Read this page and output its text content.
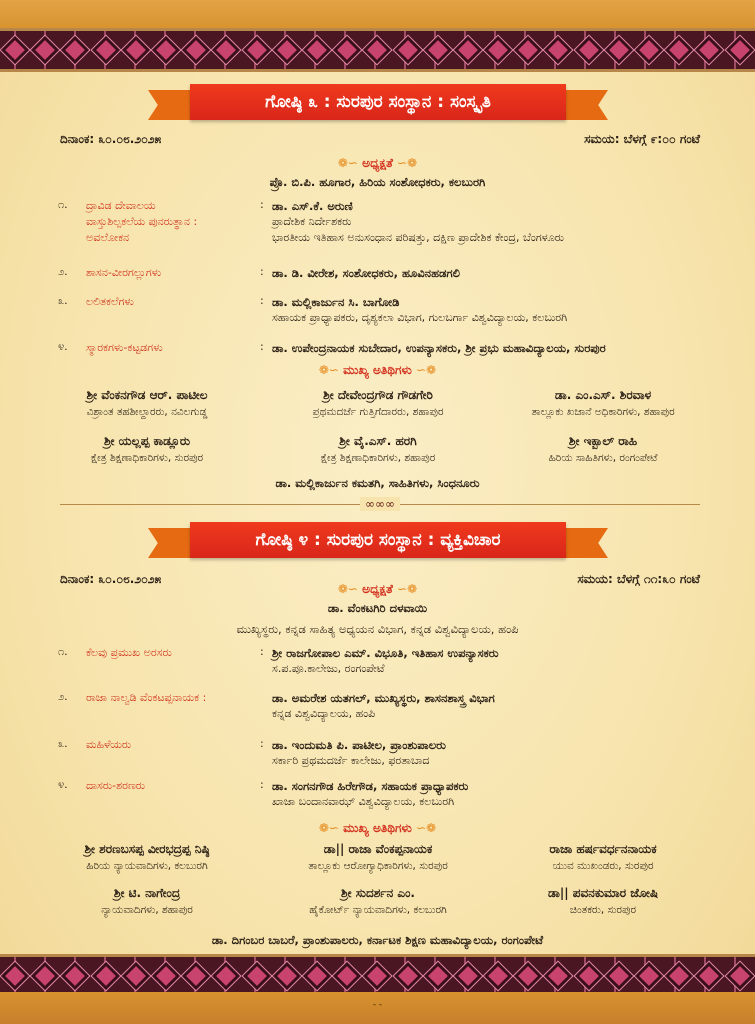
ಗೋಷ್ಠಿ ೩ : ಸುರಪುರ ಸಂಸ್ಥಾನ : ಸಂಸ್ಕೃತಿ
ದಿನಾಂಕ: ೩೦.೦೮.೨೦೨೫	ಸಮಯ: ಬೆಳಗ್ಗೆ ೯:೦೦ ಗಂಟೆ
❁∽ ಅಧ್ಯಕ್ಷತೆ ∽❁
ಪ್ರೊ. ಬಿ.ಪಿ. ಹೂಗಾರ, ಹಿರಿಯ ಸಂಶೋಧಕರು, ಕಲಬುರಗಿ
೧.	ದ್ರಾವಿಡ ದೇವಾಲಯ
ವಾಸ್ತುಶಿಲ್ಪಕಲೆಯ ಪುನರುತ್ಥಾನ :
ಅವಲೋಕನ
: ಡಾ. ಎಸ್.ಕೆ. ಅರುಣಿ
ಪ್ರಾದೇಶಿಕ ನಿರ್ದೇಶಕರು
ಭಾರತೀಯ ಇತಿಹಾಸ ಅನುಸಂಧಾನ ಪರಿಷತ್ತು, ದಕ್ಷಿಣ ಪ್ರಾದೇಶಿಕ ಕೇಂದ್ರ, ಬೆಂಗಳೂರು
೨.	ಶಾಸನ-ವೀರಗಲ್ಲುಗಳು	: ಡಾ. ಡಿ. ವೀರೇಶ, ಸಂಶೋಧಕರು, ಹೂವಿನಹಡಗಲಿ
೩.	ಲಲಿತಕಲೆಗಳು	: ಡಾ. ಮಲ್ಲಿಕಾರ್ಜುನ ಸಿ. ಬಾಗೋಡಿ
ಸಹಾಯಕ ಪ್ರಾಧ್ಯಾಪಕರು, ದೃಶ್ಯಕಲಾ ವಿಭಾಗ, ಗುಲಬರ್ಗಾ ವಿಶ್ವವಿದ್ಯಾಲಯ, ಕಲಬುರಗಿ
೪.	ಸ್ಮಾರಕಗಳು-ಕಟ್ಟಡಗಳು	: ಡಾ. ಉಪೇಂದ್ರನಾಯಕ ಸುಬೇದಾರ, ಉಪನ್ಯಾಸಕರು, ಶ್ರೀ ಪ್ರಭು ಮಹಾವಿದ್ಯಾಲಯ, ಸುರಪುರ
❁∽ ಮುಖ್ಯ ಅತಿಥಿಗಳು ∽❁
ಶ್ರೀ ವೆಂಕನಗೌಡ ಆರ್. ಪಾಟೀಲ
ವಿಶ್ರಾಂತ ತಹಶೀಲ್ದಾರರು, ನವಿಲಗುಡ್ಡ
ಶ್ರೀ ದೇವೇಂದ್ರಗೌಡ ಗೌಡಗೇರಿ
ಪ್ರಥಮದರ್ಜೆ ಗುತ್ತಿಗೆದಾರರು, ಶಹಾಪುರ
ಡಾ. ಎಂ.ಎಸ್. ಶಿರವಾಳ
ತಾಲ್ಲೂಕು ಖಜಾನೆ ಅಧಿಕಾರಿಗಳು, ಶಹಾಪುರ
ಶ್ರೀ ಯಲ್ಲಪ್ಪ ಕಾಡ್ಲೂರು
ಕ್ಷೇತ್ರ ಶಿಕ್ಷಣಾಧಿಕಾರಿಗಳು, ಸುರಪುರ
ಶ್ರೀ ವೈ.ಎಸ್. ಹರಗಿ
ಕ್ಷೇತ್ರ ಶಿಕ್ಷಣಾಧಿಕಾರಿಗಳು, ಶಹಾಪುರ
ಶ್ರೀ ಇಕ್ಬಾಲ್ ರಾಹಿ
ಹಿರಿಯ ಸಾಹಿತಿಗಳು, ರಂಗಂಪೇಟೆ
ಡಾ. ಮಲ್ಲಿಕಾರ್ಜುನ ಕಮತಗಿ, ಸಾಹಿತಿಗಳು, ಸಿಂಧನೂರು
∞∞∞
ಗೋಷ್ಠಿ ೪ : ಸುರಪುರ ಸಂಸ್ಥಾನ : ವ್ಯಕ್ತಿವಿಚಾರ
ದಿನಾಂಕ: ೩೦.೦೮.೨೦೨೫	ಸಮಯ: ಬೆಳಗ್ಗೆ ೧೧:೩೦ ಗಂಟೆ
❁∽ ಅಧ್ಯಕ್ಷತೆ ∽❁
ಡಾ. ವೆಂಕಟಗಿರಿ ದಳವಾಯಿ
ಮುಖ್ಯಸ್ಥರು, ಕನ್ನಡ ಸಾಹಿತ್ಯ ಅಧ್ಯಯನ ವಿಭಾಗ, ಕನ್ನಡ ವಿಶ್ವವಿದ್ಯಾಲಯ, ಹಂಪಿ
೧.	ಕೆಲವು ಪ್ರಮುಖ ಅರಸರು	: ಶ್ರೀ ರಾಜಗೋಪಾಲ ಎಮ್. ವಿಭೂತಿ, ಇತಿಹಾಸ ಉಪನ್ಯಾಸಕರು
ಸ.ಪ.ಪೂ.ಕಾಲೇಜು, ರಂಗಂಪೇಟೆ
೨.	ರಾಜಾ ನಾಲ್ವಡಿ ವೆಂಕಟಪ್ಪನಾಯಕ :	ಡಾ. ಅಮರೇಶ ಯತಗಲ್, ಮುಖ್ಯಸ್ಥರು, ಶಾಸನಶಾಸ್ತ್ರ ವಿಭಾಗ
ಕನ್ನಡ ವಿಶ್ವವಿದ್ಯಾಲಯ, ಹಂಪಿ
೩.	ಮಹಿಳೆಯರು	: ಡಾ. ಇಂದುಮತಿ ಪಿ. ಪಾಟೀಲ, ಪ್ರಾಂಶುಪಾಲರು
ಸರ್ಕಾರಿ ಪ್ರಥಮದರ್ಜೆ ಕಾಲೇಜು, ಫರತಾಬಾದ
೪.	ದಾಸರು-ಶರಣರು	: ಡಾ. ಸಂಗನಗೌಡ ಹಿರೇಗೌಡ, ಸಹಾಯಕ ಪ್ರಾಧ್ಯಾಪಕರು
ಖಾಜಾ ಬಂದಾನವಾಝ್ ವಿಶ್ವವಿದ್ಯಾಲಯ, ಕಲಬುರಗಿ
❁∽ ಮುಖ್ಯ ಅತಿಥಿಗಳು ∽❁
ಶ್ರೀ ಶರಣಬಸಪ್ಪ ವೀರಭದ್ರಪ್ಪ ನಿಷ್ಠಿ
ಹಿರಿಯ ನ್ಯಾಯವಾದಿಗಳು, ಕಲಬುರಗಿ
ಡಾ|| ರಾಜಾ ವೆಂಕಪ್ಪನಾಯಕ
ತಾಲ್ಲೂಕು ಆರೋಗ್ಯಾಧಿಕಾರಿಗಳು, ಸುರಪುರ
ರಾಜಾ ಹರ್ಷವರ್ಧನನಾಯಕ
ಯುವ ಮುಖಂಡರು, ಸುರಪುರ
ಶ್ರೀ ಟಿ. ನಾಗೇಂದ್ರ
ನ್ಯಾಯವಾದಿಗಳು, ಶಹಾಪುರ
ಶ್ರೀ ಸುದರ್ಶನ ಎಂ.
ಹೈಕೋರ್ಟ್ ನ್ಯಾಯವಾದಿಗಳು, ಕಲಬುರಗಿ
ಡಾ|| ಪವನಕುಮಾರ ಜೋಷಿ
ಚಿಂತಕರು, ಸುರಪುರ
ಡಾ. ದಿಗಂಬರ ಬಾಬರೆ, ಪ್ರಾಂಶುಪಾಲರು, ಕರ್ನಾಟಕ ಶಿಕ್ಷಣ ಮಹಾವಿದ್ಯಾಲಯ, ರಂಗಂಪೇಟೆ
- -
